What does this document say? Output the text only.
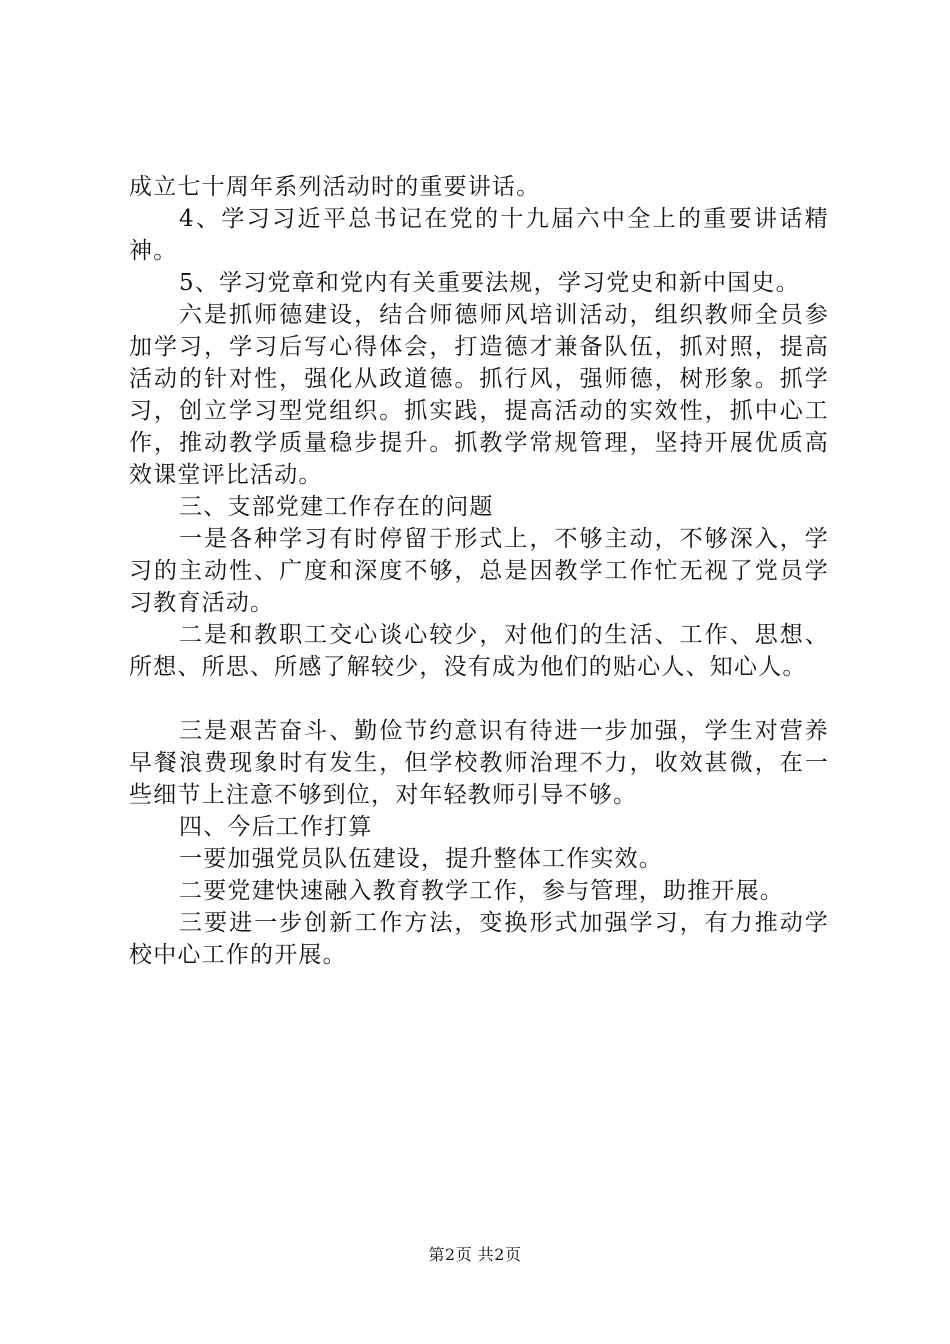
成立七十周年系列活动时的重要讲话。

4、学习习近平总书记在党的十九届六中全上的重要讲话精神。

5、学习党章和党内有关重要法规，学习党史和新中国史。

六是抓师德建设，结合师德师风培训活动，组织教师全员参加学习，学习后写心得体会，打造德才兼备队伍，抓对照，提高活动的针对性，强化从政道德。抓行风，强师德，树形象。抓学习，创立学习型党组织。抓实践，提高活动的实效性，抓中心工作，推动教学质量稳步提升。抓教学常规管理，坚持开展优质高效课堂评比活动。

三、支部党建工作存在的问题

一是各种学习有时停留于形式上，不够主动，不够深入，学习的主动性、广度和深度不够，总是因教学工作忙无视了党员学习教育活动。

二是和教职工交心谈心较少，对他们的生活、工作、思想、所想、所思、所感了解较少，没有成为他们的贴心人、知心人。

三是艰苦奋斗、勤俭节约意识有待进一步加强，学生对营养早餐浪费现象时有发生，但学校教师治理不力，收效甚微，在一些细节上注意不够到位，对年轻教师引导不够。

四、今后工作打算

一要加强党员队伍建设，提升整体工作实效。

二要党建快速融入教育教学工作，参与管理，助推开展。

三要进一步创新工作方法，变换形式加强学习，有力推动学校中心工作的开展。

第2页 共2页
